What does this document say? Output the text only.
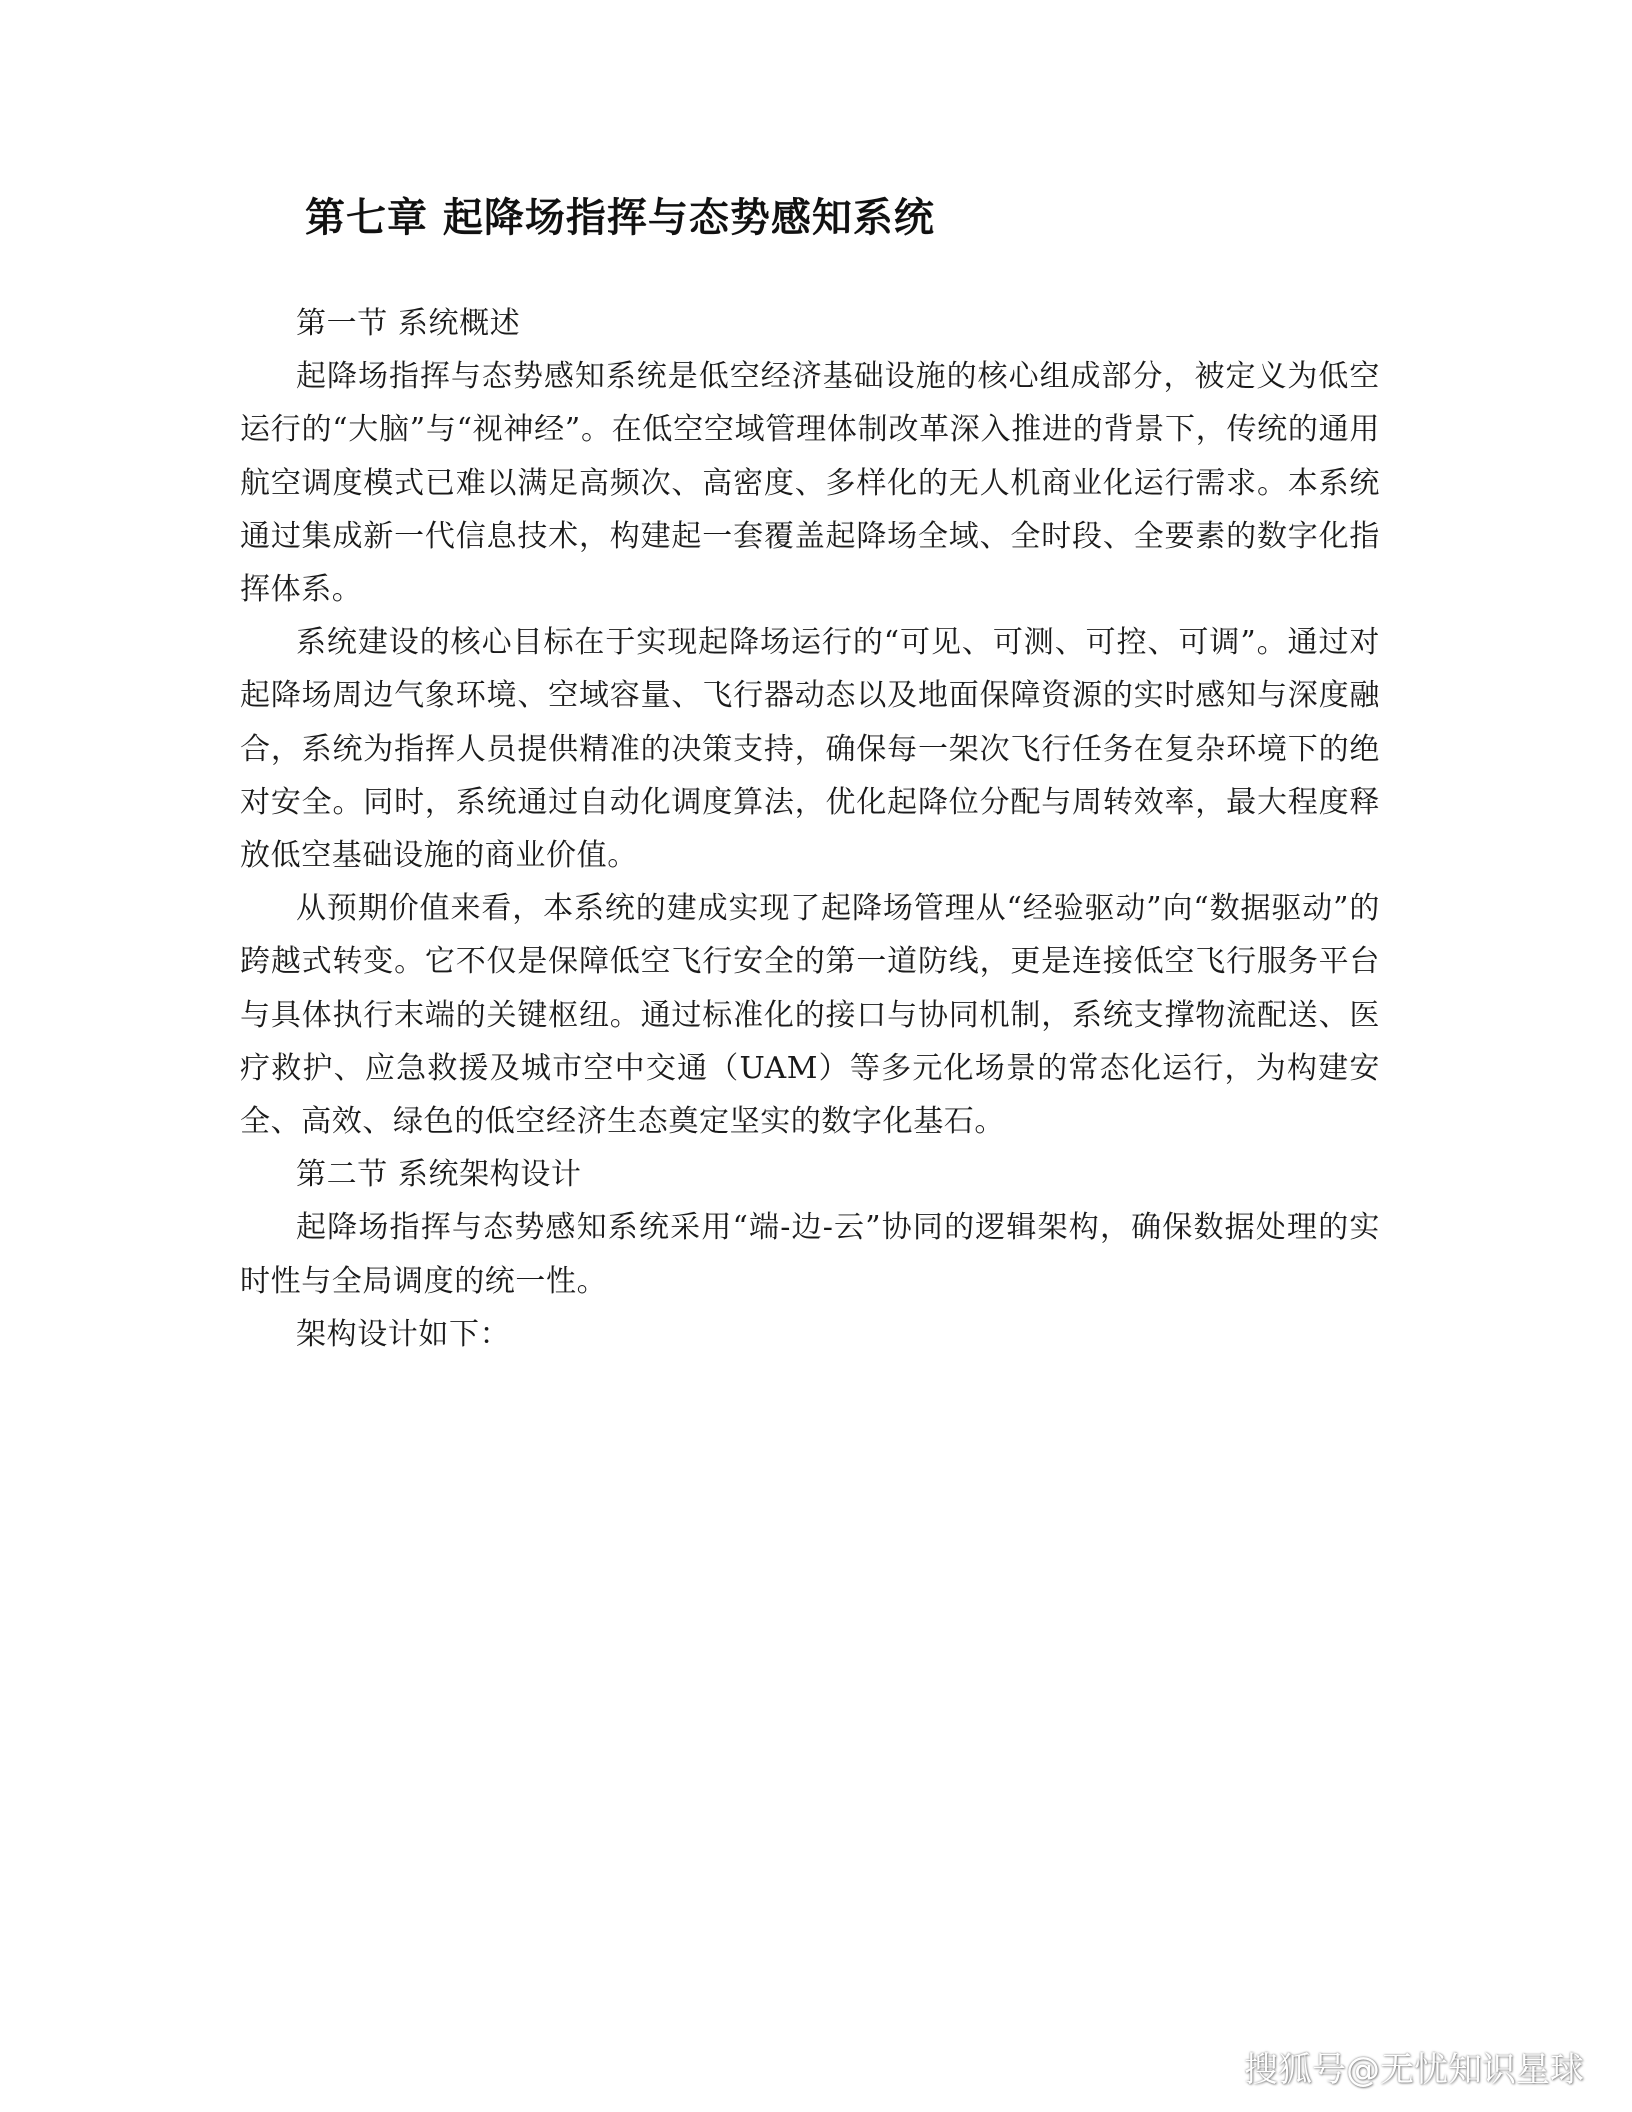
第七章 起降场指挥与态势感知系统

第一节 系统概述

起降场指挥与态势感知系统是低空经济基础设施的核心组成部分，被定义为低空运行的“大脑”与“视神经”。在低空空域管理体制改革深入推进的背景下，传统的通用航空调度模式已难以满足高频次、高密度、多样化的无人机商业化运行需求。本系统通过集成新一代信息技术，构建起一套覆盖起降场全域、全时段、全要素的数字化指挥体系。

系统建设的核心目标在于实现起降场运行的“可见、可测、可控、可调”。通过对起降场周边气象环境、空域容量、飞行器动态以及地面保障资源的实时感知与深度融合，系统为指挥人员提供精准的决策支持，确保每一架次飞行任务在复杂环境下的绝对安全。同时，系统通过自动化调度算法，优化起降位分配与周转效率，最大程度释放低空基础设施的商业价值。

从预期价值来看，本系统的建成实现了起降场管理从“经验驱动”向“数据驱动”的跨越式转变。它不仅是保障低空飞行安全的第一道防线，更是连接低空飞行服务平台与具体执行末端的关键枢纽。通过标准化的接口与协同机制，系统支撑物流配送、医疗救护、应急救援及城市空中交通（UAM）等多元化场景的常态化运行，为构建安全、高效、绿色的低空经济生态奠定坚实的数字化基石。

第二节 系统架构设计

起降场指挥与态势感知系统采用“端-边-云”协同的逻辑架构，确保数据处理的实时性与全局调度的统一性。

架构设计如下：

搜狐号@无忧知识星球
